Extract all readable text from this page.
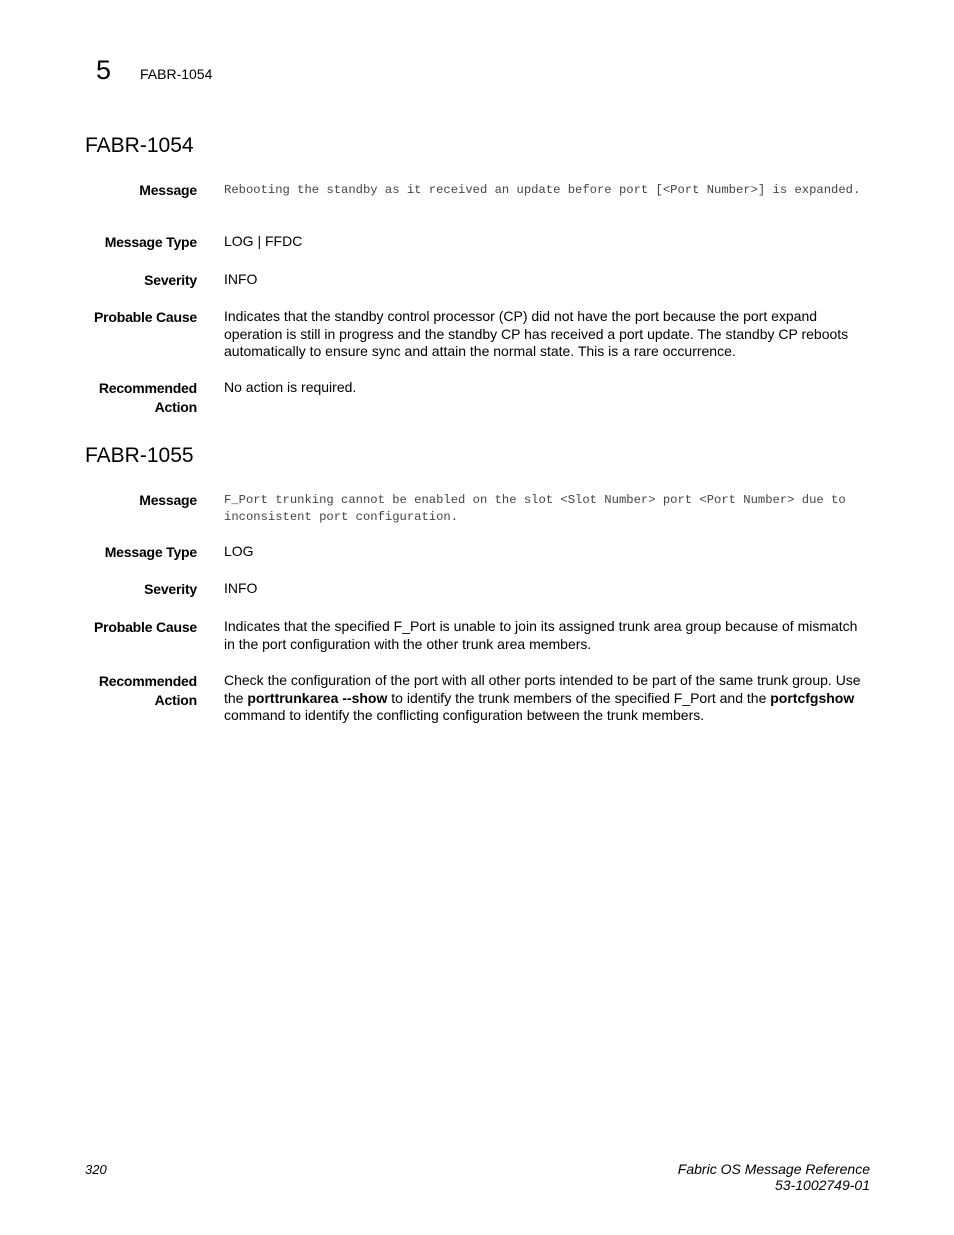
5 FABR-1054
FABR-1054
Message Rebooting the standby as it received an update before port [<Port Number>] is expanded.
Message Type LOG | FFDC
Severity INFO
Probable Cause Indicates that the standby control processor (CP) did not have the port because the port expand operation is still in progress and the standby CP has received a port update. The standby CP reboots automatically to ensure sync and attain the normal state. This is a rare occurrence.
Recommended
Action
No action is required.
FABR-1055
Message F_Port trunking cannot be enabled on the slot <Slot Number> port <Port Number> due to inconsistent port configuration.
Message Type LOG
Severity INFO
Probable Cause Indicates that the specified F_Port is unable to join its assigned trunk area group because of mismatch in the port configuration with the other trunk area members.
Recommended
Action
Check the configuration of the port with all other ports intended to be part of the same trunk group. Use the porttrunkarea --show to identify the trunk members of the specified F_Port and the portcfgshow command to identify the conflicting configuration between the trunk members.
320	Fabric OS Message Reference
53-1002749-01
